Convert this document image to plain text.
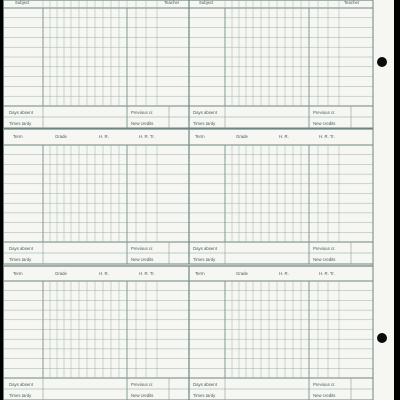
Subject	Teacher	Subject	Teacher
Days absent	Previous cr.	Days absent	Previous cr.
Times tardy	New credits	Times tardy	New credits
Term	Grade	H. R.	H. R. Tr.	Term	Grade	H. R.	H. R. Tr.
Days absent	Previous cr.	Days absent	Previous cr.
Times tardy	New credits	Times tardy	New credits
Term	Grade	H. R.	H. R. Tr.	Term	Grade	H. R.	H. R. Tr.
Days absent	Previous cr.	Days absent	Previous cr.
Times tardy	New credits	Times tardy	New credits
